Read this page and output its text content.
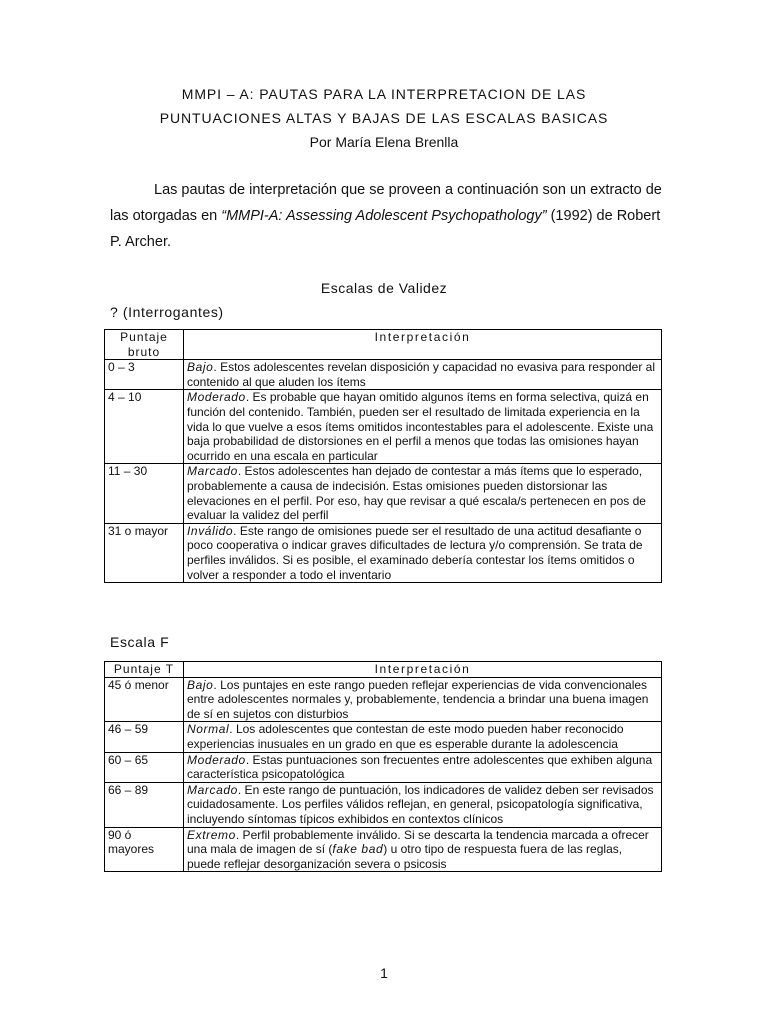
MMPI – A: PAUTAS PARA LA INTERPRETACION DE LAS
PUNTUACIONES ALTAS Y BAJAS DE LAS ESCALAS BASICAS
Por María Elena Brenlla

Las pautas de interpretación que se proveen a continuación son un extracto de las otorgadas en “MMPI-A: Assessing Adolescent Psychopathology” (1992) de Robert P. Archer.

Escalas de Validez
? (Interrogantes)
Puntaje bruto	Interpretación
0 – 3	Bajo. Estos adolescentes revelan disposición y capacidad no evasiva para responder al contenido al que aluden los ítems
4 – 10	Moderado. Es probable que hayan omitido algunos ítems en forma selectiva, quizá en función del contenido. También, pueden ser el resultado de limitada experiencia en la vida lo que vuelve a esos ítems omitidos incontestables para el adolescente. Existe una baja probabilidad de distorsiones en el perfil a menos que todas las omisiones hayan ocurrido en una escala en particular
11 – 30	Marcado. Estos adolescentes han dejado de contestar a más ítems que lo esperado, probablemente a causa de indecisión. Estas omisiones pueden distorsionar las elevaciones en el perfil. Por eso, hay que revisar a qué escala/s pertenecen en pos de evaluar la validez del perfil
31 o mayor	Inválido. Este rango de omisiones puede ser el resultado de una actitud desafiante o poco cooperativa o indicar graves dificultades de lectura y/o comprensión. Se trata de perfiles inválidos. Si es posible, el examinado debería contestar los ítems omitidos o volver a responder a todo el inventario
Escala F
Puntaje T	Interpretación
45 ó menor	Bajo. Los puntajes en este rango pueden reflejar experiencias de vida convencionales entre adolescentes normales y, probablemente, tendencia a brindar una buena imagen de sí en sujetos con disturbios
46 – 59	Normal. Los adolescentes que contestan de este modo pueden haber reconocido experiencias inusuales en un grado en que es esperable durante la adolescencia
60 – 65	Moderado. Estas puntuaciones son frecuentes entre adolescentes que exhiben alguna característica psicopatológica
66 – 89	Marcado. En este rango de puntuación, los indicadores de validez deben ser revisados cuidadosamente. Los perfiles válidos reflejan, en general, psicopatología significativa, incluyendo síntomas típicos exhibidos en contextos clínicos
90 ó mayores	Extremo. Perfil probablemente inválido. Si se descarta la tendencia marcada a ofrecer una mala de imagen de sí (fake bad) u otro tipo de respuesta fuera de las reglas, puede reflejar desorganización severa o psicosis
1
